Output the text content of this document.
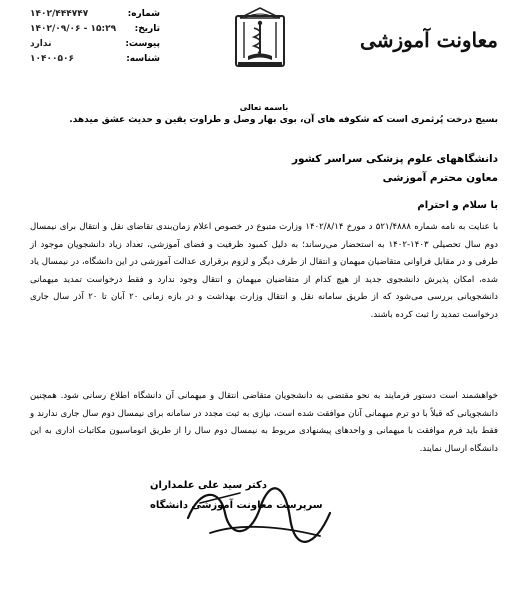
شماره:
۱۴۰۲/۴۴۴۷۴۷
تاریخ:
۱۴۰۲/۰۹/۰۶ - ۱۵:۲۹
پیوست:
ندارد
شناسه:
۱۰۴۰۰۵۰۶
معاونت آموزشی
باسمه تعالی
بسیج درخت پُرثمری است که شکوفه های آن، بوی بهار وصل و طراوت یقین و حدیث عشق میدهد.
دانشگاههای علوم پزشکی سراسر کشور
معاون محترم آموزشی
با سلام و احترام
با عنایت به نامه شماره ۵۲۱/۴۸۸۸ د مورخ ۱۴۰۲/۸/۱۴ وزارت متبوع در خصوص اعلام زمان‌بندی تقاضای نقل و انتقال برای نیمسال دوم سال تحصیلی ۱۴۰۳-۱۴۰۲ به استحضار می‌رساند؛ به دلیل کمبود ظرفیت و فضای آموزشی، تعداد زیاد دانشجویان موجود از طرفی و در مقابل فراوانی متقاضیان میهمان و انتقال از طرف دیگر و لزوم برقراری عدالت آموزشی در این دانشگاه، در نیمسال یاد شده، امکان پذیرش دانشجوی جدید از هیچ کدام از متقاضیان میهمان و انتقال وجود ندارد و فقط درخواست تمدید میهمانی دانشجویانی بررسی می‌شود که از طریق سامانه نقل و انتقال وزارت بهداشت و در بازه زمانی ۲۰ آبان تا ۲۰ آذر سال جاری درخواست تمدید را ثبت کرده باشند.
خواهشمند است دستور فرمایند به نحو مقتضی به دانشجویان متقاضی انتقال و میهمانی آن دانشگاه اطلاع رسانی شود. همچنین دانشجویانی که قبلاً با دو ترم میهمانی آنان موافقت شده است، نیازی به ثبت مجدد در سامانه برای نیمسال دوم سال جاری ندارند و فقط باید فرم موافقت با میهمانی و واحدهای پیشنهادی مربوط به نیمسال دوم سال را از طریق اتوماسیون مکاتبات اداری به این دانشگاه ارسال نمایند.
دکتر سید علی علمداران
سرپرست معاونت آموزشی دانشگاه
